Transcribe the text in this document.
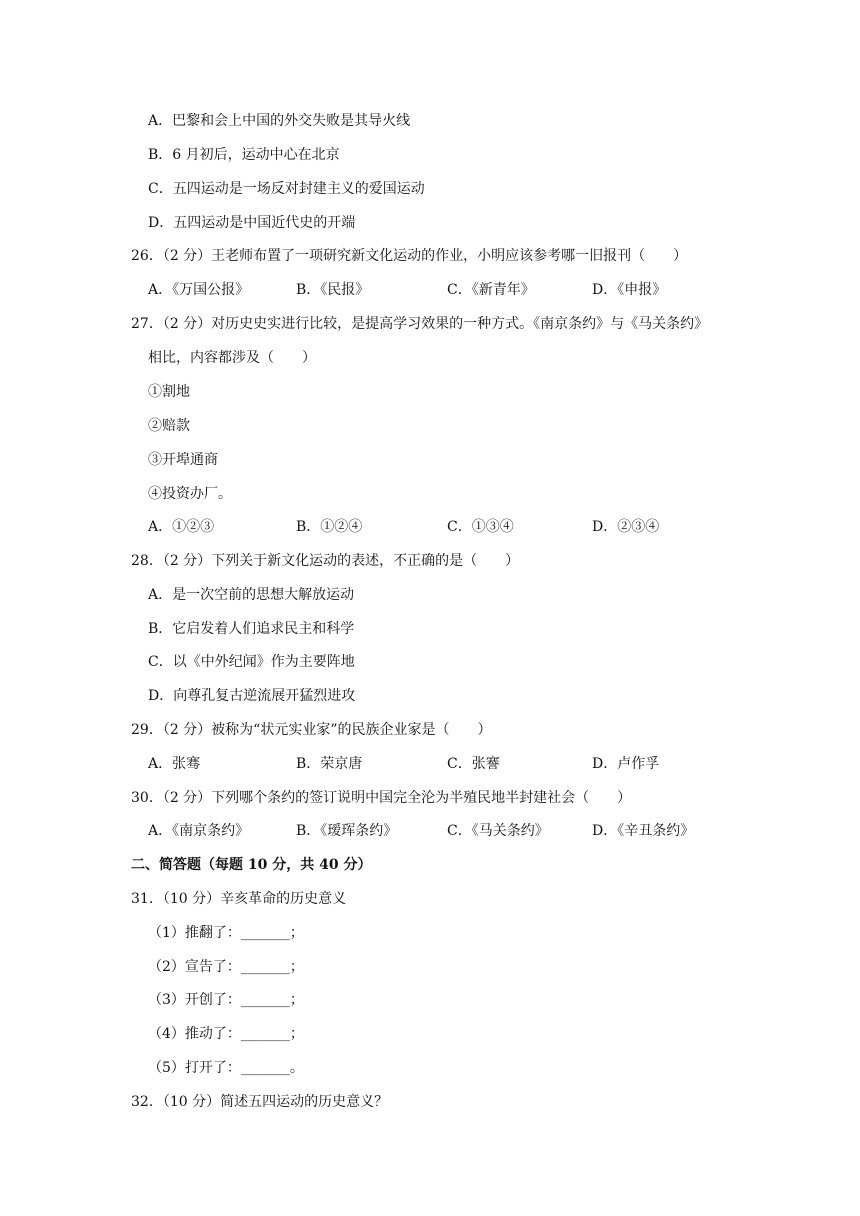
A．巴黎和会上中国的外交失败是其导火线
B．6 月初后，运动中心在北京
C．五四运动是一场反对封建主义的爱国运动
D．五四运动是中国近代史的开端
26．（2 分）王老师布置了一项研究新文化运动的作业，小明应该参考哪一旧报刊（　　）
A．《万国公报》	B．《民报》	C．《新青年》	D．《申报》
27．（2 分）对历史史实进行比较，是提高学习效果的一种方式。《南京条约》与《马关条约》
相比，内容都涉及（　　）
①割地
②赔款
③开埠通商
④投资办厂。
A．①②③	B．①②④	C．①③④	D．②③④
28．（2 分）下列关于新文化运动的表述，不正确的是（　　）
A．是一次空前的思想大解放运动
B．它启发着人们追求民主和科学
C．以《中外纪闻》作为主要阵地
D．向尊孔复古逆流展开猛烈进攻
29．（2 分）被称为“状元实业家”的民族企业家是（　　）
A．张骞	B．荣京唐	C．张謇	D．卢作孚
30．（2 分）下列哪个条约的签订说明中国完全沦为半殖民地半封建社会（　　）
A．《南京条约》	B．《瑷珲条约》	C．《马关条约》	D．《辛丑条约》
二、简答题（每题 10 分，共 40 分）
31．（10 分）辛亥革命的历史意义
（1）推翻了：_______；
（2）宣告了：_______；
（3）开创了：_______；
（4）推动了：_______；
（5）打开了：_______。
32．（10 分）简述五四运动的历史意义？
